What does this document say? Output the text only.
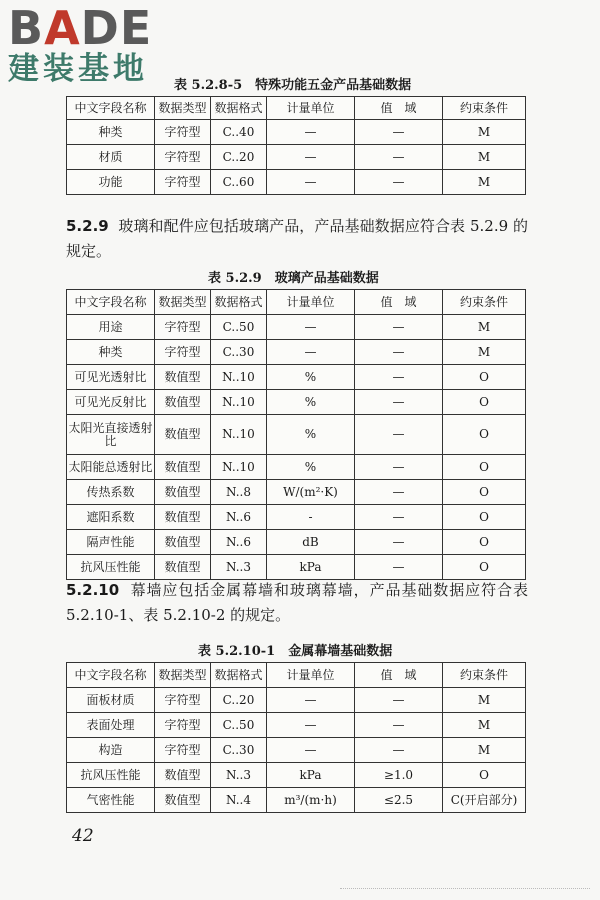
BADE
建装基地	表 5.2.8-5　特殊功能五金产品基础数据
中文字段名称	数据类型	数据格式	计量单位	值　域	约束条件
种类	字符型	C..40	—	—	M
材质	字符型	C..20	—	—	M
功能	字符型	C..60	—	—	M
5.2.9 玻璃和配件应包括玻璃产品，产品基础数据应符合表 5.2.9 的规定。
表 5.2.9　玻璃产品基础数据
中文字段名称	数据类型	数据格式	计量单位	值　域	约束条件
用途	字符型	C..50	—	—	M
种类	字符型	C..30	—	—	M
可见光透射比	数值型	N..10	%	—	O
可见光反射比	数值型	N..10	%	—	O
太阳光直接透射比	数值型	N..10	%	—	O
太阳能总透射比	数值型	N..10	%	—	O
传热系数	数值型	N..8	W/(m²·K)	—	O
遮阳系数	数值型	N..6	-	—	O
隔声性能	数值型	N..6	dB	—	O
抗风压性能	数值型	N..3	kPa	—	O
5.2.10 幕墙应包括金属幕墙和玻璃幕墙，产品基础数据应符合表 5.2.10-1、表 5.2.10-2 的规定。
表 5.2.10-1　金属幕墙基础数据
中文字段名称	数据类型	数据格式	计量单位	值　域	约束条件
面板材质	字符型	C..20	—	—	M
表面处理	字符型	C..50	—	—	M
构造	字符型	C..30	—	—	M
抗风压性能	数值型	N..3	kPa	≥1.0	O
气密性能	数值型	N..4	m³/(m·h)	≤2.5	C(开启部分)
42
